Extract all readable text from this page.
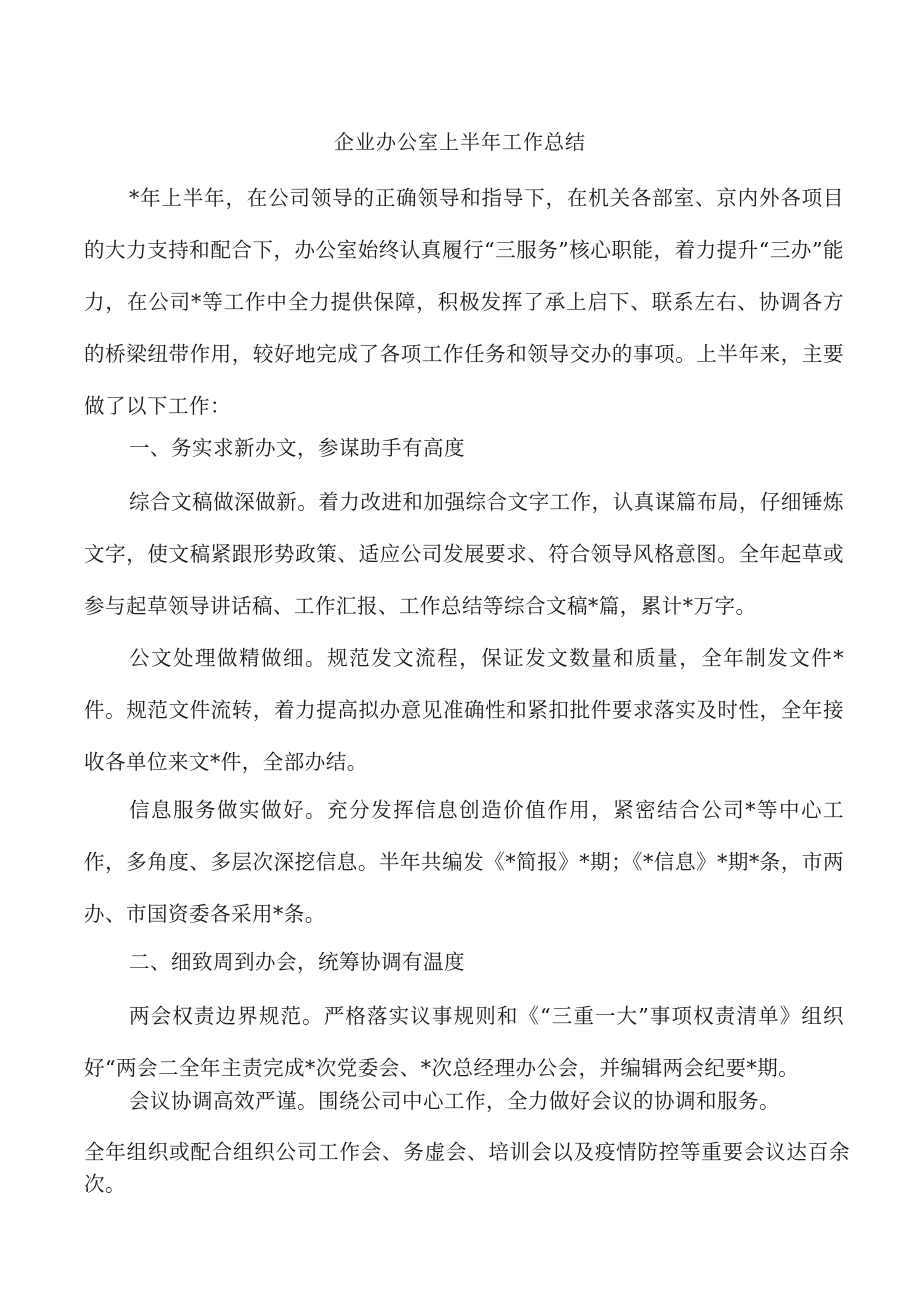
企业办公室上半年工作总结

*年上半年，在公司领导的正确领导和指导下，在机关各部室、京内外各项目的大力支持和配合下，办公室始终认真履行“三服务”核心职能，着力提升“三办”能力，在公司*等工作中全力提供保障，积极发挥了承上启下、联系左右、协调各方的桥梁纽带作用，较好地完成了各项工作任务和领导交办的事项。上半年来，主要做了以下工作：

一、务实求新办文，参谋助手有高度

综合文稿做深做新。着力改进和加强综合文字工作，认真谋篇布局，仔细锤炼文字，使文稿紧跟形势政策、适应公司发展要求、符合领导风格意图。全年起草或参与起草领导讲话稿、工作汇报、工作总结等综合文稿*篇，累计*万字。

公文处理做精做细。规范发文流程，保证发文数量和质量，全年制发文件*件。规范文件流转，着力提高拟办意见准确性和紧扣批件要求落实及时性，全年接收各单位来文*件，全部办结。

信息服务做实做好。充分发挥信息创造价值作用，紧密结合公司*等中心工作，多角度、多层次深挖信息。半年共编发《*简报》*期；《*信息》*期*条，市两办、市国资委各采用*条。

二、细致周到办会，统筹协调有温度

两会权责边界规范。严格落实议事规则和《“三重一大”事项权责清单》组织好“两会二全年主责完成*次党委会、*次总经理办公会，并编辑两会纪要*期。

会议协调高效严谨。围绕公司中心工作，全力做好会议的协调和服务。

全年组织或配合组织公司工作会、务虚会、培训会以及疫情防控等重要会议达百余次。
